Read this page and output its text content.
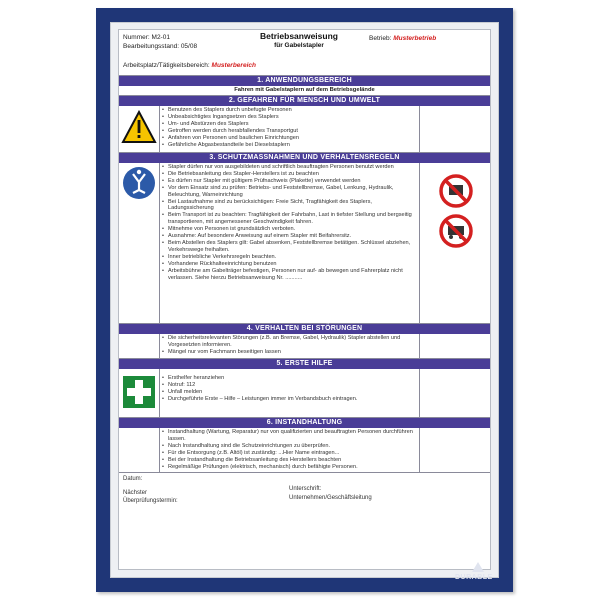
Nummer: M2-01
Bearbeitungsstand: 05/08
Betriebsanweisung
für Gabelstapler
Betrieb: Musterbetrieb
Arbeitsplatz/Tätigkeitsbereich: Musterbereich
1. ANWENDUNGSBEREICH
Fahren mit Gabelstaplern auf dem Betriebsgelände
2. GEFAHREN FÜR MENSCH UND UMWELT
• Benutzen des Staplers durch unbefugte Personen
• Unbeabsichtigtes Ingangsetzen des Staplers
• Um- und Abstürzen des Staplers
• Getroffen werden durch herabfallendes Transportgut
• Anfahren von Personen und baulichen Einrichtungen
• Gefährliche Abgasbestandteile bei Dieselstaplern
3. SCHUTZMASSNAHMEN UND VERHALTENSREGELN
• Stapler dürfen nur von ausgebildeten und schriftlich beauftragten Personen benutzt werden
• Die Betriebsanleitung des Stapler-Herstellers ist zu beachten
• Es dürfen nur Stapler mit gültigem Prüfnachweis (Plakette) verwendet werden
• Vor dem Einsatz sind zu prüfen: Betriebs- und Feststellbremse, Gabel, Lenkung, Hydraulik, Beleuchtung, Warneinrichtung
• Bei Lastaufnahme sind zu berücksichtigen: Freie Sicht, Tragfähigkeit des Staplers, Ladungssicherung
• Beim Transport ist zu beachten: Tragfähigkeit der Fahrbahn, Last in tiefster Stellung und bergseitig transportieren, mit angemessener Geschwindigkeit fahren.
• Mitnehme von Personen ist grundsätzlich verboten.
• Ausnahme: Auf besondere Anweisung auf einem Stapler mit Beifahrersitz.
• Beim Abstellen des Staplers gilt: Gabel absenken, Feststellbremse betätigen. Schlüssel abziehen, Verkehrswege freihalten.
• Inner betriebliche Verkehrsregeln beachten.
• Vorhandene Rückhalteeinrichtung benutzen
• Arbeitsbühne am Gabelträger befestigen, Personen nur auf- ab bewegen und Fahrerplatz nicht verlassen. Siehe hierzu Betriebsanweisung Nr. ...........
4. VERHALTEN BEI STÖRUNGEN
• Die sicherheitsrelevanten Störungen (z.B. an Bremse, Gabel, Hydraulik) Stapler abstellen und Vorgesetzten informieren.
• Mängel nur vom Fachmann beseitigen lassen
5. ERSTE HILFE
• Ersthelfer heranziehen
• Notruf: 112
• Unfall melden
• Durchgeführte Erste – Hilfe – Leistungen immer im Verbandsbuch eintragen.
6. INSTANDHALTUNG
• Instandhaltung (Wartung, Reparatur) nur von qualifizierten und beauftragten Personen durchführen lassen.
• Nach Instandhaltung sind die Schutzeinrichtungen zu überprüfen.
• Für die Entsorgung (z.B. Altöl) ist zuständig: ...Hier Name eintragen...
• Bei der Instandhaltung die Betriebsanleitung des Herstellers beachten
• Regelmäßige Prüfungen (elektrisch, mechanisch) durch befähigte Personen.
Datum:
Nächster
Überprüfungstermin:
Unterschrift:
Unternehmen/Geschäftsleitung
DURABLE
